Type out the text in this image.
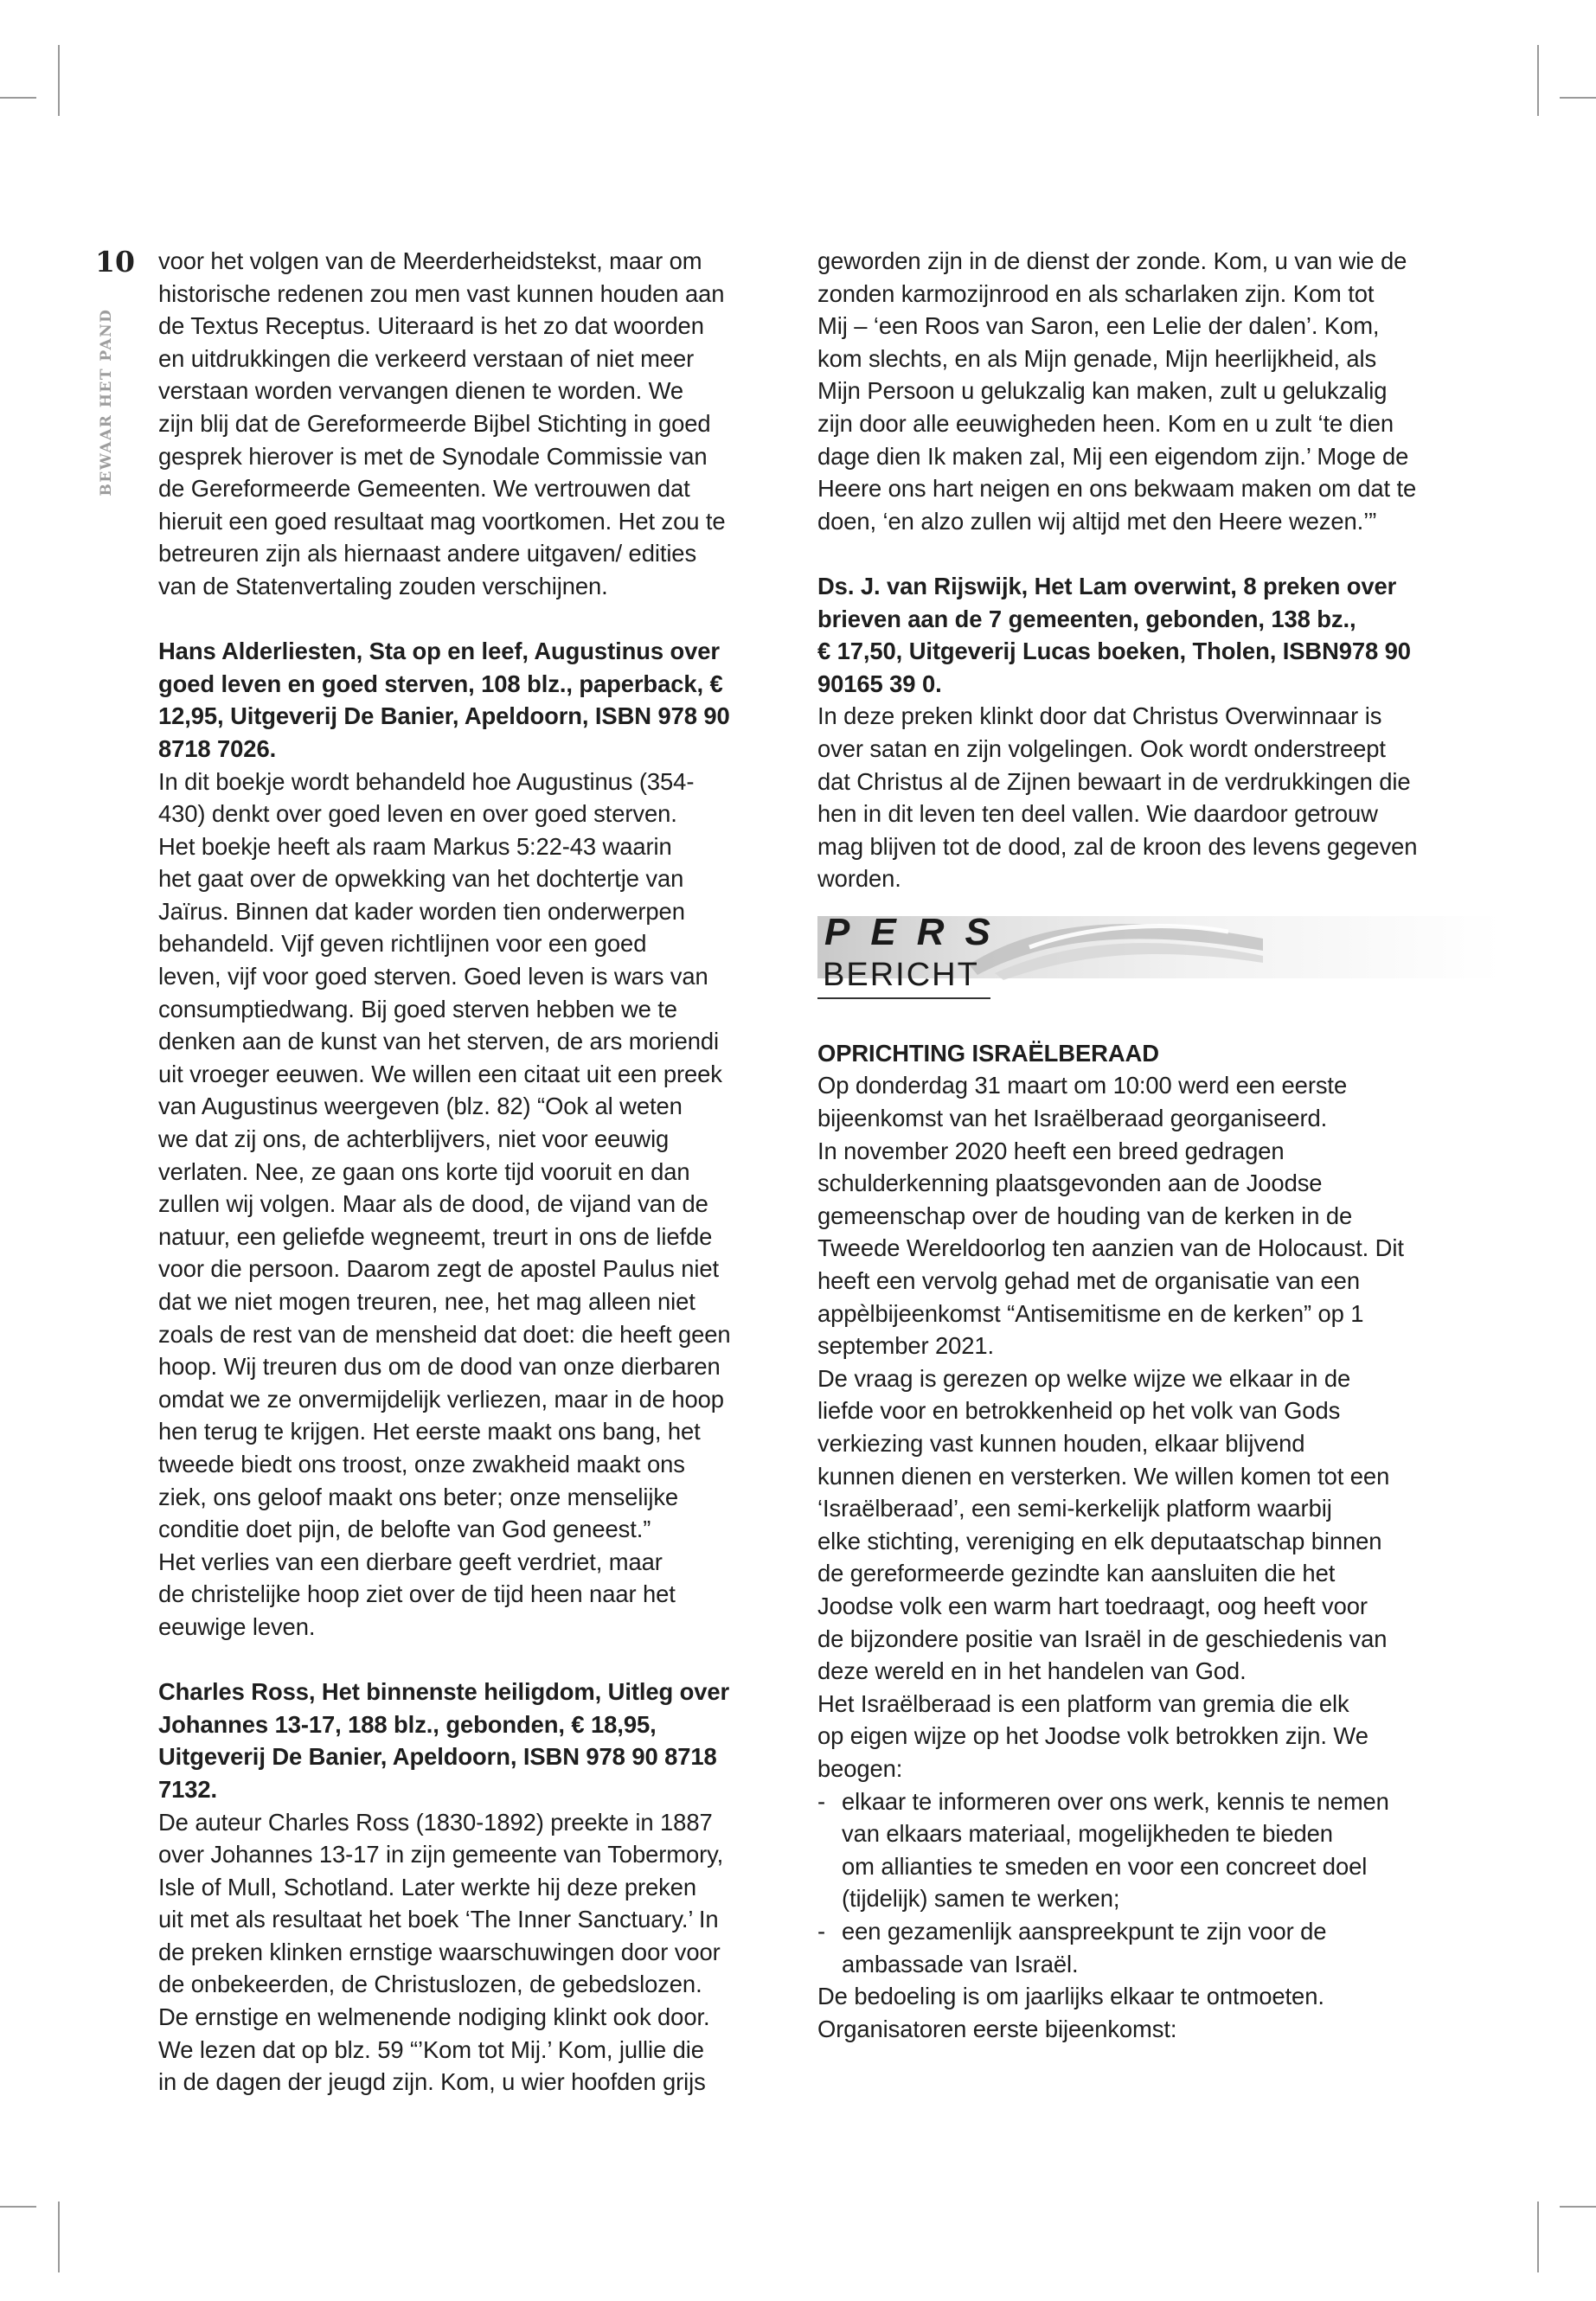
10
BEWAAR HET PAND

voor het volgen van de Meerderheidstekst, maar om
historische redenen zou men vast kunnen houden aan
de Textus Receptus. Uiteraard is het zo dat woorden
en uitdrukkingen die verkeerd verstaan of niet meer
verstaan worden vervangen dienen te worden. We
zijn blij dat de Gereformeerde Bijbel Stichting in goed
gesprek hierover is met de Synodale Commissie van
de Gereformeerde Gemeenten. We vertrouwen dat
hieruit een goed resultaat mag voortkomen. Het zou te
betreuren zijn als hiernaast andere uitgaven/ edities
van de Statenvertaling zouden verschijnen.

Hans Alderliesten, Sta op en leef, Augustinus over
goed leven en goed sterven, 108 blz., paperback, €
12,95, Uitgeverij De Banier, Apeldoorn, ISBN 978 90
8718 7026.

In dit boekje wordt behandeld hoe Augustinus (354-
430) denkt over goed leven en over goed sterven.
Het boekje heeft als raam Markus 5:22-43 waarin
het gaat over de opwekking van het dochtertje van
Jaïrus. Binnen dat kader worden tien onderwerpen
behandeld. Vijf geven richtlijnen voor een goed
leven, vijf voor goed sterven. Goed leven is wars van
consumptiedwang. Bij goed sterven hebben we te
denken aan de kunst van het sterven, de ars moriendi
uit vroeger eeuwen. We willen een citaat uit een preek
van Augustinus weergeven (blz. 82) “Ook al weten
we dat zij ons, de achterblijvers, niet voor eeuwig
verlaten. Nee, ze gaan ons korte tijd vooruit en dan
zullen wij volgen. Maar als de dood, de vijand van de
natuur, een geliefde wegneemt, treurt in ons de liefde
voor die persoon. Daarom zegt de apostel Paulus niet
dat we niet mogen treuren, nee, het mag alleen niet
zoals de rest van de mensheid dat doet: die heeft geen
hoop. Wij treuren dus om de dood van onze dierbaren
omdat we ze onvermijdelijk verliezen, maar in de hoop
hen terug te krijgen. Het eerste maakt ons bang, het
tweede biedt ons troost, onze zwakheid maakt ons
ziek, ons geloof maakt ons beter; onze menselijke
conditie doet pijn, de belofte van God geneest.”
Het verlies van een dierbare geeft verdriet, maar
de christelijke hoop ziet over de tijd heen naar het
eeuwige leven.

Charles Ross, Het binnenste heiligdom, Uitleg over
Johannes 13-17, 188 blz., gebonden, € 18,95,
Uitgeverij De Banier, Apeldoorn, ISBN 978 90 8718
7132.

De auteur Charles Ross (1830-1892) preekte in 1887
over Johannes 13-17 in zijn gemeente van Tobermory,
Isle of Mull, Schotland. Later werkte hij deze preken
uit met als resultaat het boek ‘The Inner Sanctuary.’ In
de preken klinken ernstige waarschuwingen door voor
de onbekeerden, de Christuslozen, de gebedslozen.
De ernstige en welmenende nodiging klinkt ook door.
We lezen dat op blz. 59 “’Kom tot Mij.’ Kom, jullie die
in de dagen der jeugd zijn. Kom, u wier hoofden grijs

geworden zijn in de dienst der zonde. Kom, u van wie de
zonden karmozijnrood en als scharlaken zijn. Kom tot
Mij – ‘een Roos van Saron, een Lelie der dalen’. Kom,
kom slechts, en als Mijn genade, Mijn heerlijkheid, als
Mijn Persoon u gelukzalig kan maken, zult u gelukzalig
zijn door alle eeuwigheden heen. Kom en u zult ‘te dien
dage dien Ik maken zal, Mij een eigendom zijn.’ Moge de
Heere ons hart neigen en ons bekwaam maken om dat te
doen, ‘en alzo zullen wij altijd met den Heere wezen.’”

Ds. J. van Rijswijk, Het Lam overwint, 8 preken over
brieven aan de 7 gemeenten, gebonden, 138 bz.,
€ 17,50, Uitgeverij Lucas boeken, Tholen, ISBN978 90
90165 39 0.

In deze preken klinkt door dat Christus Overwinnaar is
over satan en zijn volgelingen. Ook wordt onderstreept
dat Christus al de Zijnen bewaart in de verdrukkingen die
hen in dit leven ten deel vallen. Wie daardoor getrouw
mag blijven tot de dood, zal de kroon des levens gegeven
worden.

PERS
BERICHT

OPRICHTING ISRAËLBERAAD

Op donderdag 31 maart om 10:00 werd een eerste
bijeenkomst van het Israëlberaad georganiseerd.
In november 2020 heeft een breed gedragen
schulderkenning plaatsgevonden aan de Joodse
gemeenschap over de houding van de kerken in de
Tweede Wereldoorlog ten aanzien van de Holocaust. Dit
heeft een vervolg gehad met de organisatie van een
appèlbijeenkomst “Antisemitisme en de kerken” op 1
september 2021.
De vraag is gerezen op welke wijze we elkaar in de
liefde voor en betrokkenheid op het volk van Gods
verkiezing vast kunnen houden, elkaar blijvend
kunnen dienen en versterken. We willen komen tot een
‘Israëlberaad’, een semi-kerkelijk platform waarbij
elke stichting, vereniging en elk deputaatschap binnen
de gereformeerde gezindte kan aansluiten die het
Joodse volk een warm hart toedraagt, oog heeft voor
de bijzondere positie van Israël in de geschiedenis van
deze wereld en in het handelen van God.
Het Israëlberaad is een platform van gremia die elk
op eigen wijze op het Joodse volk betrokken zijn. We
beogen:

- elkaar te informeren over ons werk, kennis te nemen
van elkaars materiaal, mogelijkheden te bieden
om allianties te smeden en voor een concreet doel
(tijdelijk) samen te werken;
- een gezamenlijk aanspreekpunt te zijn voor de
ambassade van Israël.

De bedoeling is om jaarlijks elkaar te ontmoeten.
Organisatoren eerste bijeenkomst:
